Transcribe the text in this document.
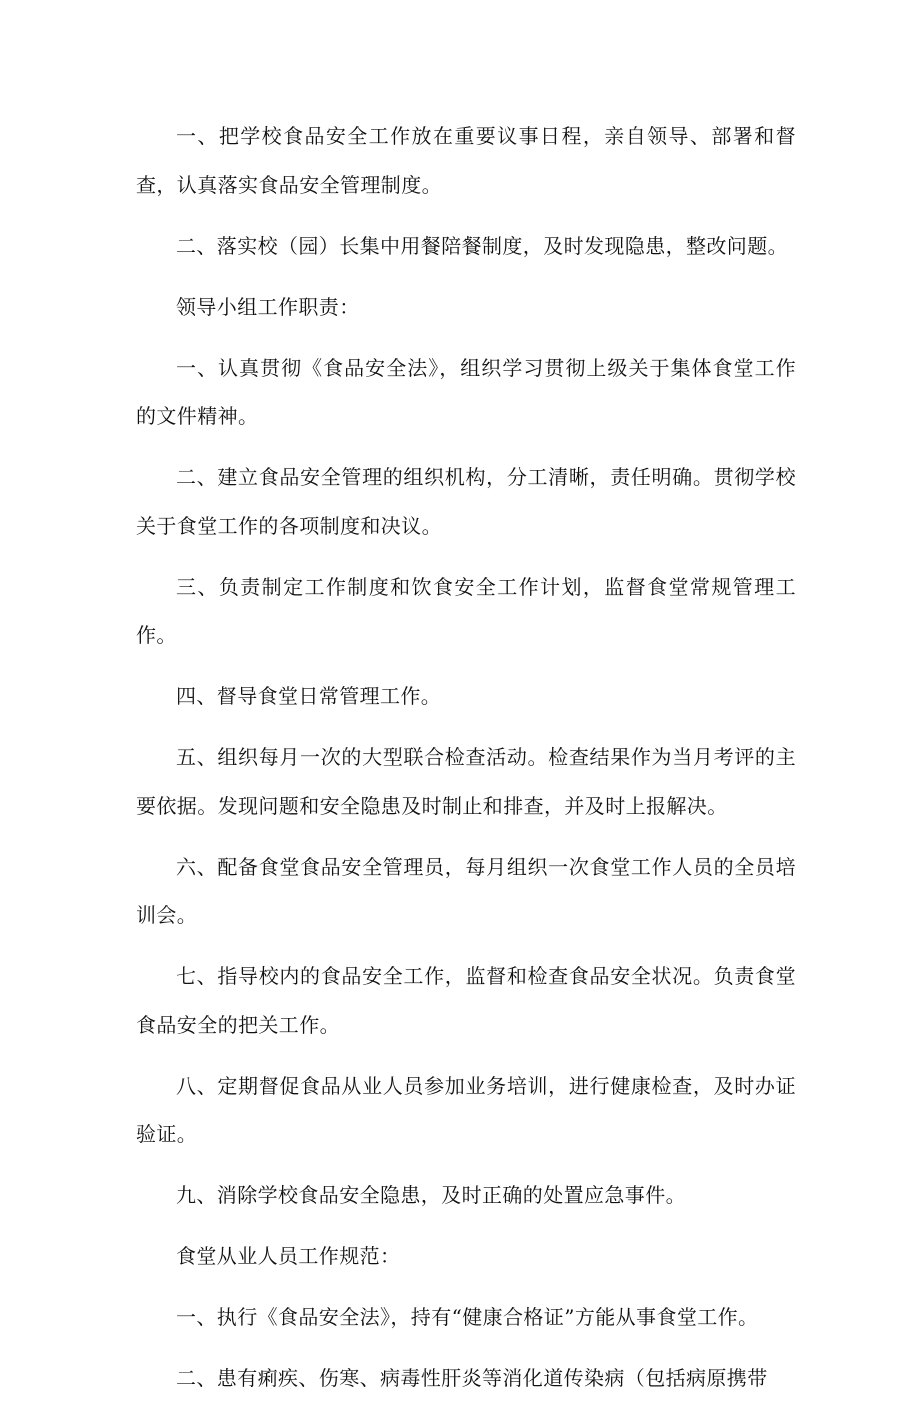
一、把学校食品安全工作放在重要议事日程，亲自领导、部署和督查，认真落实食品安全管理制度。

二、落实校（园）长集中用餐陪餐制度，及时发现隐患，整改问题。

领导小组工作职责：

一、认真贯彻《食品安全法》，组织学习贯彻上级关于集体食堂工作的文件精神。

二、建立食品安全管理的组织机构，分工清晰，责任明确。贯彻学校关于食堂工作的各项制度和决议。

三、负责制定工作制度和饮食安全工作计划，监督食堂常规管理工作。

四、督导食堂日常管理工作。

五、组织每月一次的大型联合检查活动。检查结果作为当月考评的主要依据。发现问题和安全隐患及时制止和排查，并及时上报解决。

六、配备食堂食品安全管理员，每月组织一次食堂工作人员的全员培训会。

七、指导校内的食品安全工作，监督和检查食品安全状况。负责食堂食品安全的把关工作。

八、定期督促食品从业人员参加业务培训，进行健康检查，及时办证验证。

九、消除学校食品安全隐患，及时正确的处置应急事件。

食堂从业人员工作规范：

一、执行《食品安全法》，持有“健康合格证”方能从事食堂工作。

二、患有痢疾、伤寒、病毒性肝炎等消化道传染病（包括病原携带
